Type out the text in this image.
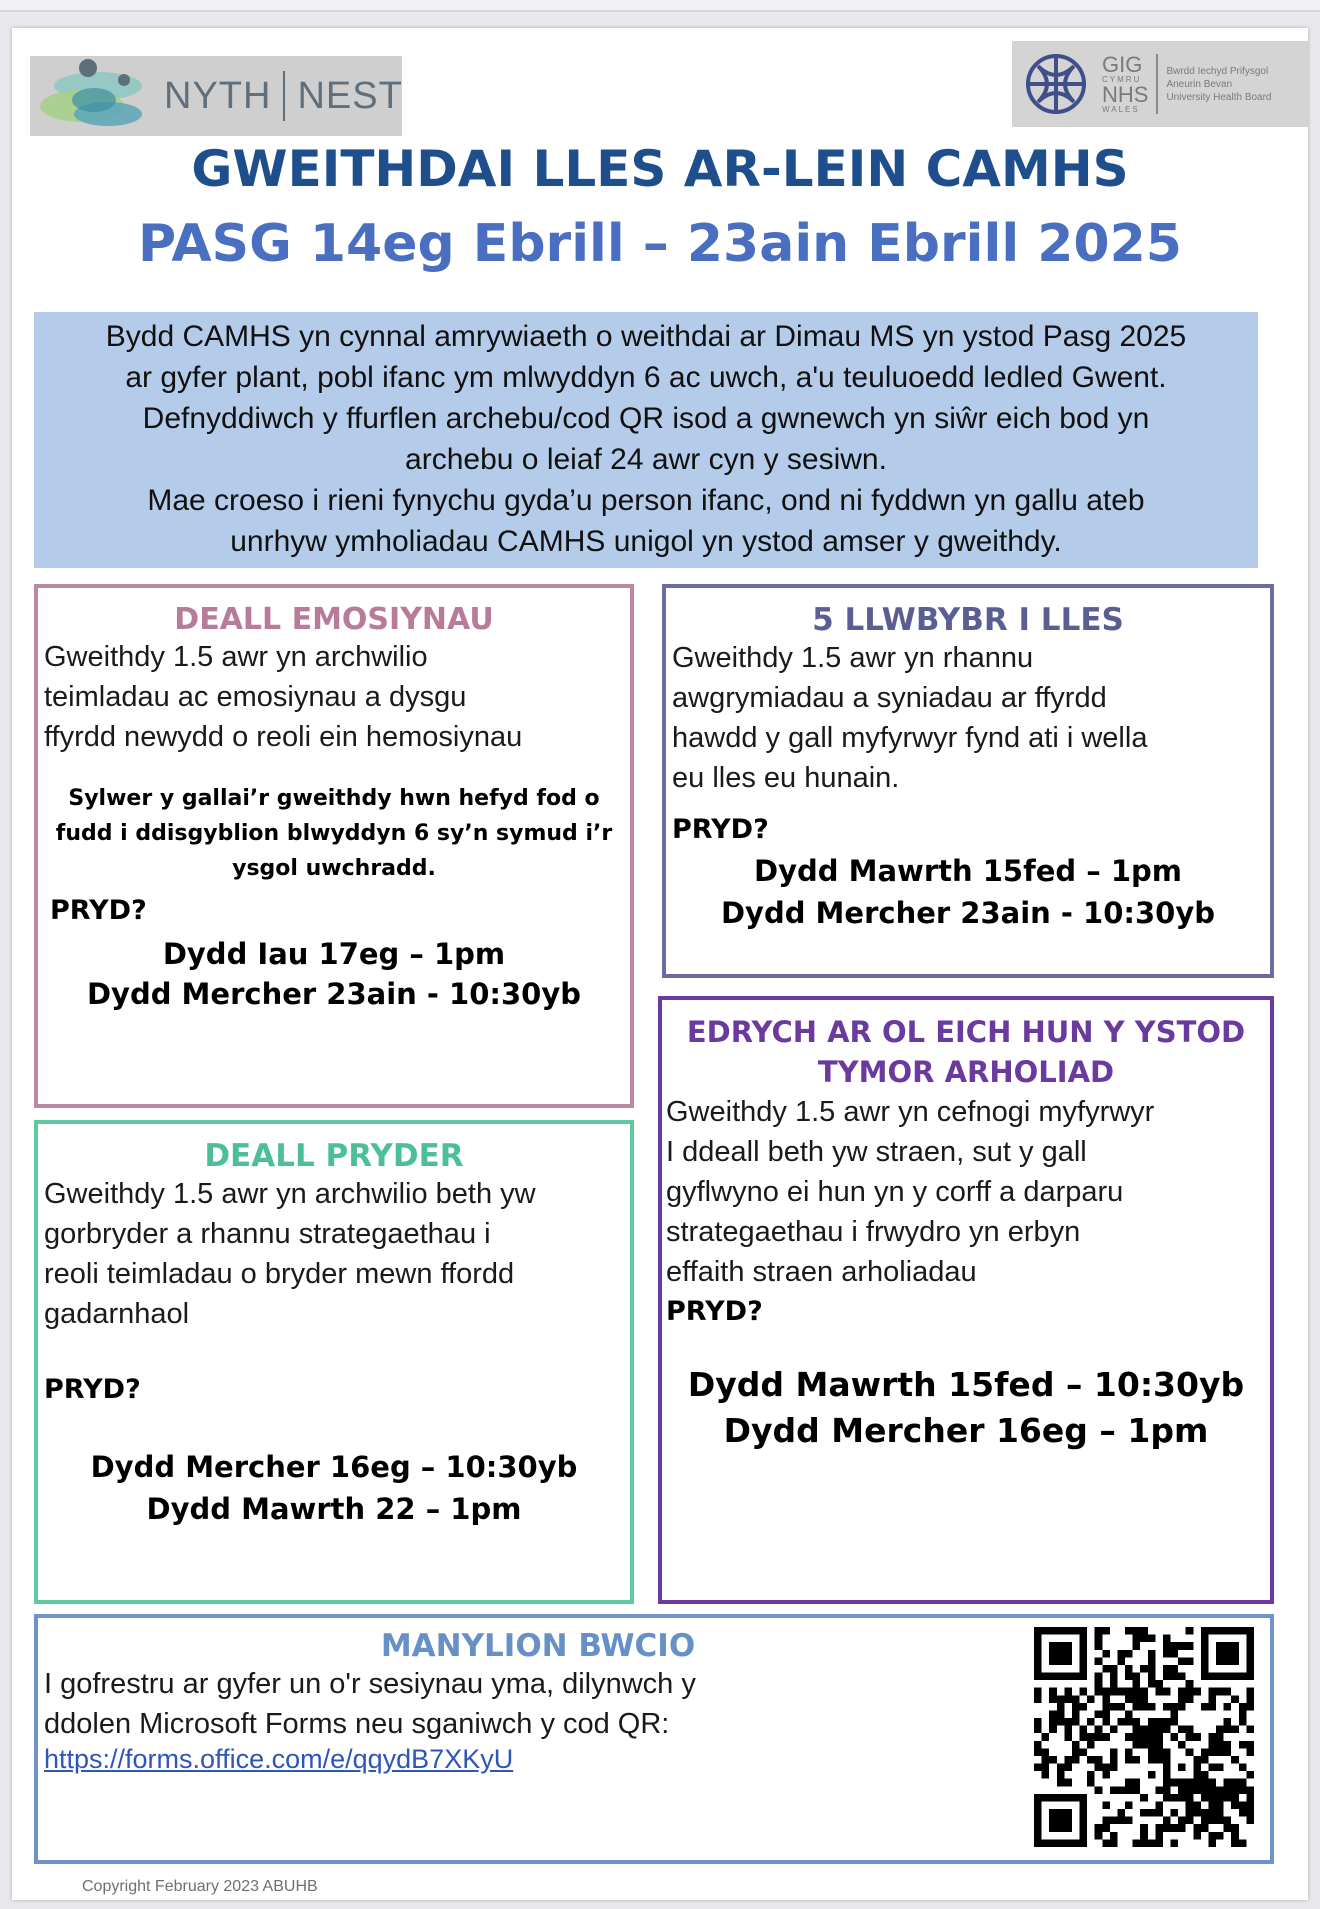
NYTH NEST
GIG
CYMRU
NHS
WALES
Bwrdd Iechyd Prifysgol
Aneurin Bevan
University Health Board
GWEITHDAI LLES AR-LEIN CAMHS
PASG 14eg Ebrill – 23ain Ebrill 2025

Bydd CAMHS yn cynnal amrywiaeth o weithdai ar Dimau MS yn ystod Pasg 2025

ar gyfer plant, pobl ifanc ym mlwyddyn 6 ac uwch, a'u teuluoedd ledled Gwent.

Defnyddiwch y ffurflen archebu/cod QR isod a gwnewch yn siŵr eich bod yn

archebu o leiaf 24 awr cyn y sesiwn.

Mae croeso i rieni fynychu gyda’u person ifanc, ond ni fyddwn yn gallu ateb

unrhyw ymholiadau CAMHS unigol yn ystod amser y gweithdy.

DEALL EMOSIYNAU
Gweithdy 1.5 awr yn archwilio
teimladau ac emosiynau a dysgu
ffyrdd newydd o reoli ein hemosiynau
Sylwer y gallai’r gweithdy hwn hefyd fod o
fudd i ddisgyblion blwyddyn 6 sy’n symud i’r
ysgol uwchradd.
PRYD?
Dydd Iau 17eg – 1pm
Dydd Mercher 23ain - 10:30yb
5 LLWBYBR I LLES
Gweithdy 1.5 awr yn rhannu
awgrymiadau a syniadau ar ffyrdd
hawdd y gall myfyrwyr fynd ati i wella
eu lles eu hunain.
PRYD?
Dydd Mawrth 15fed – 1pm
Dydd Mercher 23ain - 10:30yb
DEALL PRYDER
Gweithdy 1.5 awr yn archwilio beth yw
gorbryder a rhannu strategaethau i
reoli teimladau o bryder mewn ffordd
gadarnhaol
PRYD?
Dydd Mercher 16eg – 10:30yb
Dydd Mawrth 22 – 1pm
EDRYCH AR OL EICH HUN Y YSTOD
TYMOR ARHOLIAD
Gweithdy 1.5 awr yn cefnogi myfyrwyr
I ddeall beth yw straen, sut y gall
gyflwyno ei hun yn y corff a darparu
strategaethau i frwydro yn erbyn
effaith straen arholiadau
PRYD?
Dydd Mawrth 15fed – 10:30yb
Dydd Mercher 16eg – 1pm
MANYLION BWCIO
I gofrestru ar gyfer un o'r sesiynau yma, dilynwch y
ddolen Microsoft Forms neu sganiwch y cod QR:
https://forms.office.com/e/qqydB7XKyU
Copyright February 2023 ABUHB
